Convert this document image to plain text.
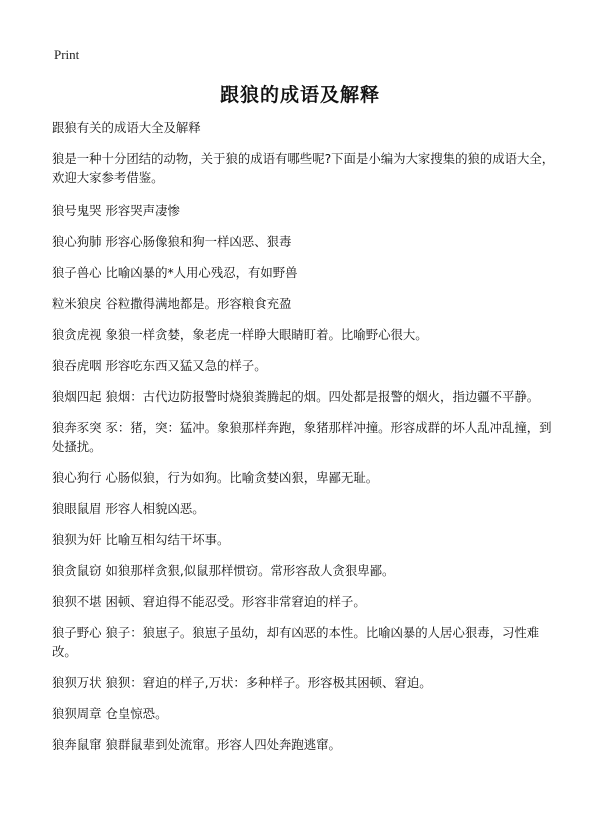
Print
跟狼的成语及解释

跟狼有关的成语大全及解释

狼是一种十分团结的动物，关于狼的成语有哪些呢?下面是小编为大家搜集的狼的成语大全，欢迎大家参考借鉴。

狼号鬼哭 形容哭声凄惨

狼心狗肺 形容心肠像狼和狗一样凶恶、狠毒

狼子兽心 比喻凶暴的*人用心残忍，有如野兽

粒米狼戾 谷粒撒得满地都是。形容粮食充盈

狼贪虎视 象狼一样贪婪，象老虎一样睁大眼睛盯着。比喻野心很大。

狼吞虎咽 形容吃东西又猛又急的样子。

狼烟四起 狼烟：古代边防报警时烧狼粪腾起的烟。四处都是报警的烟火，指边疆不平静。

狼奔豕突 豕：猪，突：猛冲。象狼那样奔跑，象猪那样冲撞。形容成群的坏人乱冲乱撞，到处搔扰。

狼心狗行 心肠似狼，行为如狗。比喻贪婪凶狠，卑鄙无耻。

狼眼鼠眉 形容人相貌凶恶。

狼狈为奸 比喻互相勾结干坏事。

狼贪鼠窃 如狼那样贪狠,似鼠那样惯窃。常形容敌人贪狠卑鄙。

狼狈不堪 困顿、窘迫得不能忍受。形容非常窘迫的样子。

狼子野心 狼子：狼崽子。狼崽子虽幼，却有凶恶的本性。比喻凶暴的人居心狠毒，习性难改。

狼狈万状 狼狈：窘迫的样子,万状：多种样子。形容极其困顿、窘迫。

狼狈周章 仓皇惊恐。

狼奔鼠窜 狼群鼠辈到处流窜。形容人四处奔跑逃窜。
